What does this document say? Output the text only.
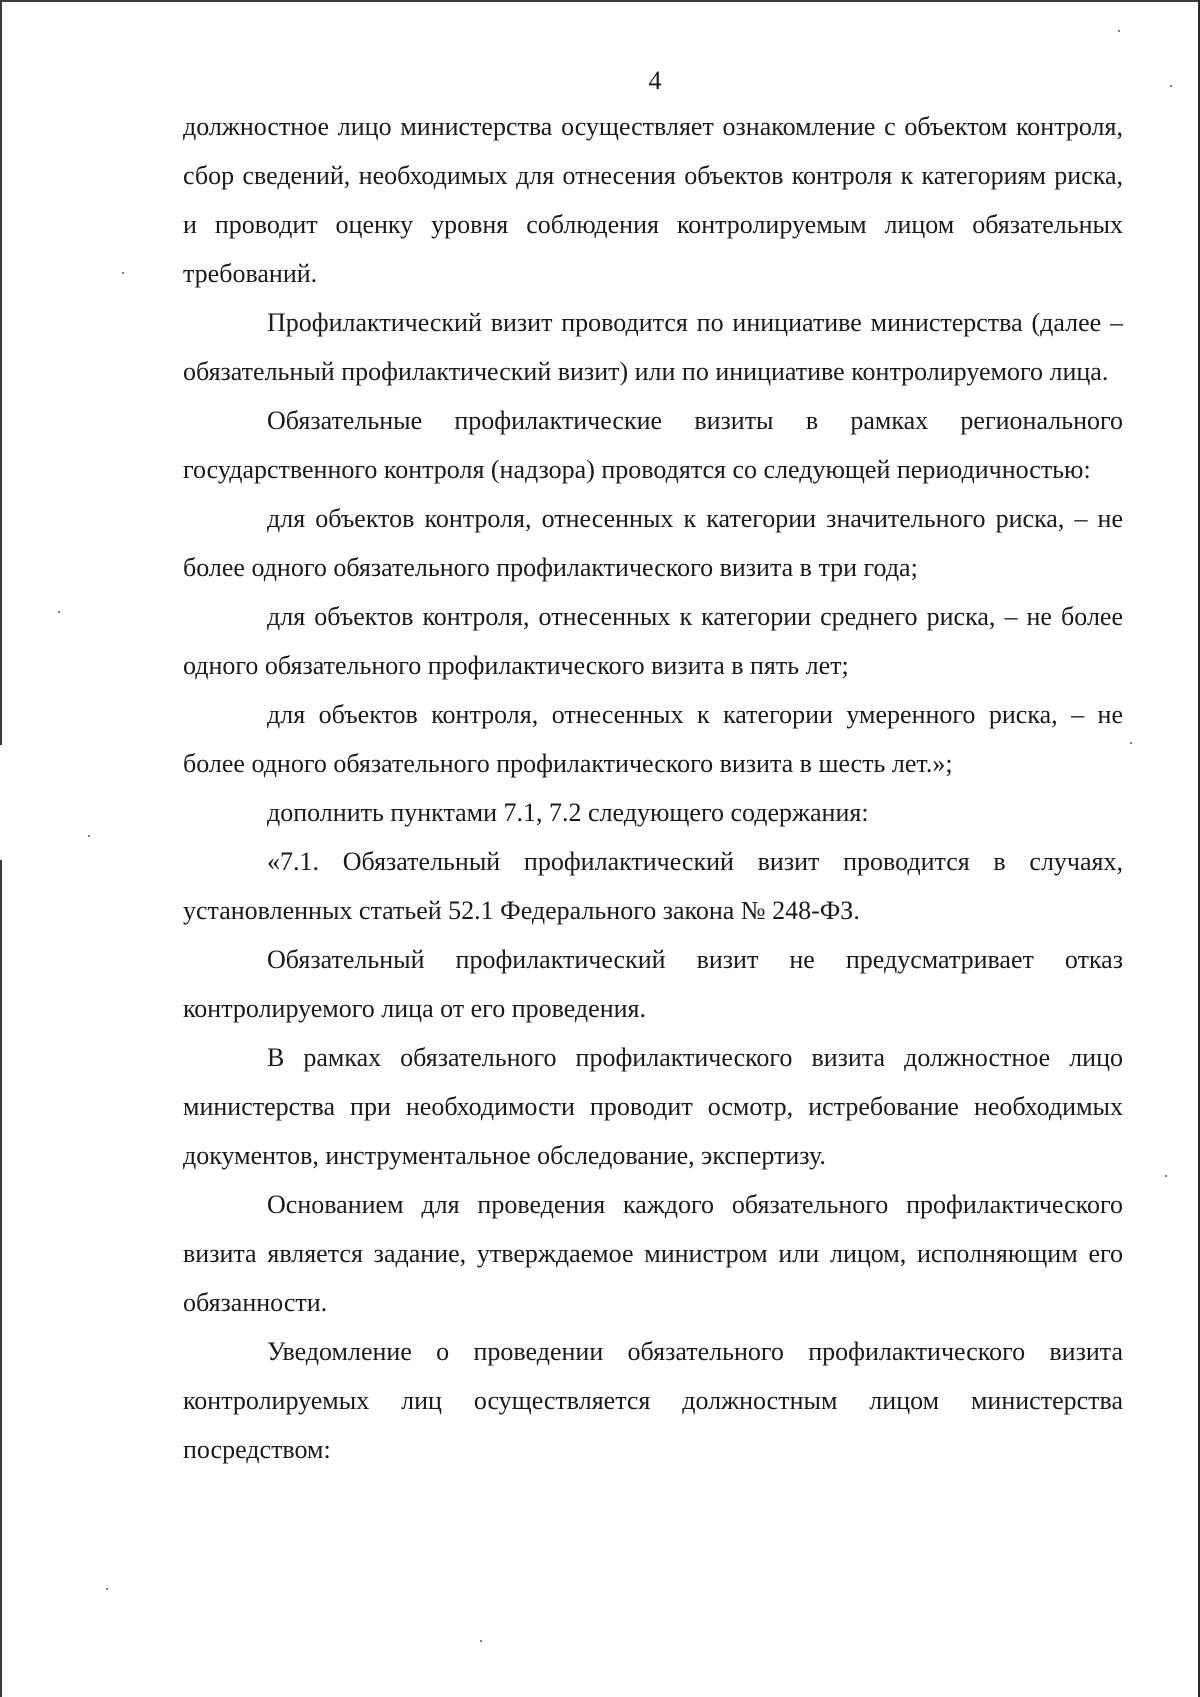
4

должностное лицо министерства осуществляет ознакомление с объектом контроля, сбор сведений, необходимых для отнесения объектов контроля к категориям риска, и проводит оценку уровня соблюдения контролируемым лицом обязательных требований.

Профилактический визит проводится по инициативе министерства (далее – обязательный профилактический визит) или по инициативе контролируемого лица.

Обязательные профилактические визиты в рамках регионального государственного контроля (надзора) проводятся со следующей периодичностью:

для объектов контроля, отнесенных к категории значительного риска, – не более одного обязательного профилактического визита в три года;

для объектов контроля, отнесенных к категории среднего риска, – не более одного обязательного профилактического визита в пять лет;

для объектов контроля, отнесенных к категории умеренного риска, – не более одного обязательного профилактического визита в шесть лет.»;

дополнить пунктами 7.1, 7.2 следующего содержания:

«7.1. Обязательный профилактический визит проводится в случаях, установленных статьей 52.1 Федерального закона № 248-ФЗ.

Обязательный профилактический визит не предусматривает отказ контролируемого лица от его проведения.

В рамках обязательного профилактического визита должностное лицо министерства при необходимости проводит осмотр, истребование необходимых документов, инструментальное обследование, экспертизу.

Основанием для проведения каждого обязательного профилактического визита является задание, утверждаемое министром или лицом, исполняющим его обязанности.

Уведомление о проведении обязательного профилактического визита контролируемых лиц осуществляется должностным лицом министерства посредством:
